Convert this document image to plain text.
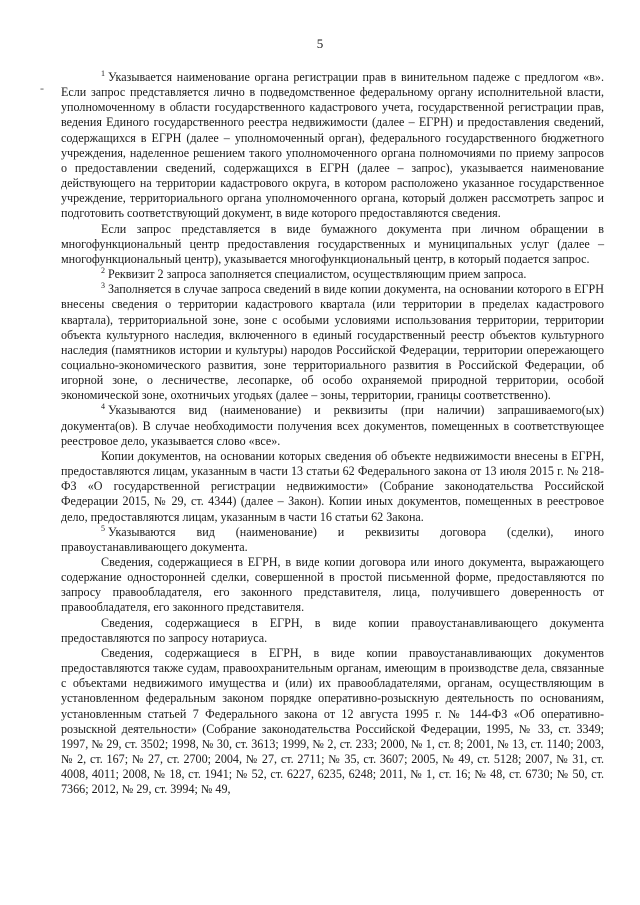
5
-

$^1$ Указывается наименование органа регистрации прав в винительном падеже с предлогом «в». Если запрос представляется лично в подведомственное федеральному органу исполнительной власти, уполномоченному в области государственного кадастрового учета, государственной регистрации прав, ведения Единого государственного реестра недвижимости (далее – ЕГРН) и предоставления сведений, содержащихся в ЕГРН (далее – уполномоченный орган), федерального государственного бюджетного учреждения, наделенное решением такого уполномоченного органа полномочиями по приему запросов о предоставлении сведений, содержащихся в ЕГРН (далее – запрос), указывается наименование действующего на территории кадастрового округа, в котором расположено указанное государственное учреждение, территориального органа уполномоченного органа, который должен рассмотреть запрос и подготовить соответствующий документ, в виде которого предоставляются сведения.

Если запрос представляется в виде бумажного документа при личном обращении в многофункциональный центр предоставления государственных и муниципальных услуг (далее – многофункциональный центр), указывается многофункциональный центр, в который подается запрос.

$^2$ Реквизит 2 запроса заполняется специалистом, осуществляющим прием запроса.

$^3$ Заполняется в случае запроса сведений в виде копии документа, на основании которого в ЕГРН внесены сведения о территории кадастрового квартала (или территории в пределах кадастрового квартала), территориальной зоне, зоне с особыми условиями использования территории, территории объекта культурного наследия, включенного в единый государственный реестр объектов культурного наследия (памятников истории и культуры) народов Российской Федерации, территории опережающего социально-экономического развития, зоне территориального развития в Российской Федерации, об игорной зоне, о лесничестве, лесопарке, об особо охраняемой природной территории, особой экономической зоне, охотничьих угодьях (далее – зоны, территории, границы соответственно).

$^4$ Указываются вид (наименование) и реквизиты (при наличии) запрашиваемого(ых) документа(ов). В случае необходимости получения всех документов, помещенных в соответствующее реестровое дело, указывается слово «все».

Копии документов, на основании которых сведения об объекте недвижимости внесены в ЕГРН, предоставляются лицам, указанным в части 13 статьи 62 Федерального закона от 13 июля 2015 г. № 218-ФЗ «О государственной регистрации недвижимости» (Собрание законодательства Российской Федерации 2015, № 29, ст. 4344) (далее – Закон). Копии иных документов, помещенных в реестровое дело, предоставляются лицам, указанным в части 16 статьи 62 Закона.

$^5$ Указываются вид (наименование) и реквизиты договора (сделки), иного правоустанавливающего документа.

Сведения, содержащиеся в ЕГРН, в виде копии договора или иного документа, выражающего содержание односторонней сделки, совершенной в простой письменной форме, предоставляются по запросу правообладателя, его законного представителя, лица, получившего доверенность от правообладателя, его законного представителя.

Сведения, содержащиеся в ЕГРН, в виде копии правоустанавливающего документа предоставляются по запросу нотариуса.

Сведения, содержащиеся в ЕГРН, в виде копии правоустанавливающих документов предоставляются также судам, правоохранительным органам, имеющим в производстве дела, связанные с объектами недвижимого имущества и (или) их правообладателями, органам, осуществляющим в установленном федеральным законом порядке оперативно-розыскную деятельность по основаниям, установленным статьей 7 Федерального закона от 12 августа 1995 г. № 144-ФЗ «Об оперативно-розыскной деятельности» (Собрание законодательства Российской Федерации, 1995, № 33, ст. 3349; 1997, № 29, ст. 3502; 1998, № 30, ст. 3613; 1999, № 2, ст. 233; 2000, № 1, ст. 8; 2001, № 13, ст. 1140; 2003, № 2, ст. 167; № 27, ст. 2700; 2004, № 27, ст. 2711; № 35, ст. 3607; 2005, № 49, ст. 5128; 2007, № 31, ст. 4008, 4011; 2008, № 18, ст. 1941; № 52, ст. 6227, 6235, 6248; 2011, № 1, ст. 16; № 48, ст. 6730; № 50, ст. 7366; 2012, № 29, ст. 3994; № 49,
